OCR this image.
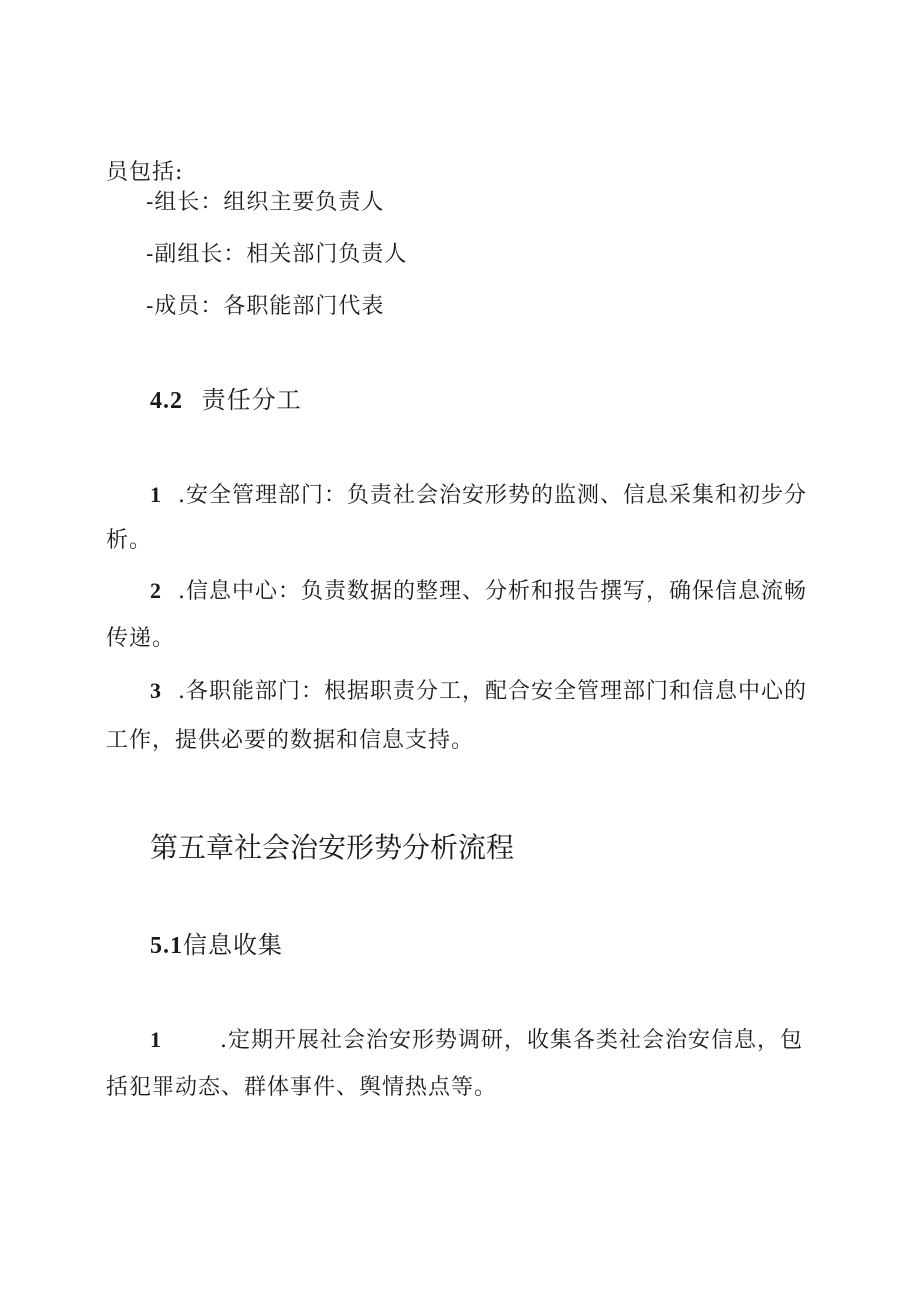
员包括:
-组长：组织主要负责人
-副组长：相关部门负责人
-成员：各职能部门代表
4.2 责任分工
1 .安全管理部门：负责社会治安形势的监测、信息采集和初步分
析。
2 .信息中心：负责数据的整理、分析和报告撰写，确保信息流畅
传递。
3 .各职能部门：根据职责分工，配合安全管理部门和信息中心的
工作，提供必要的数据和信息支持。
第五章社会治安形势分析流程
5.1信息收集
1	.定期开展社会治安形势调研，收集各类社会治安信息，包
括犯罪动态、群体事件、舆情热点等。
